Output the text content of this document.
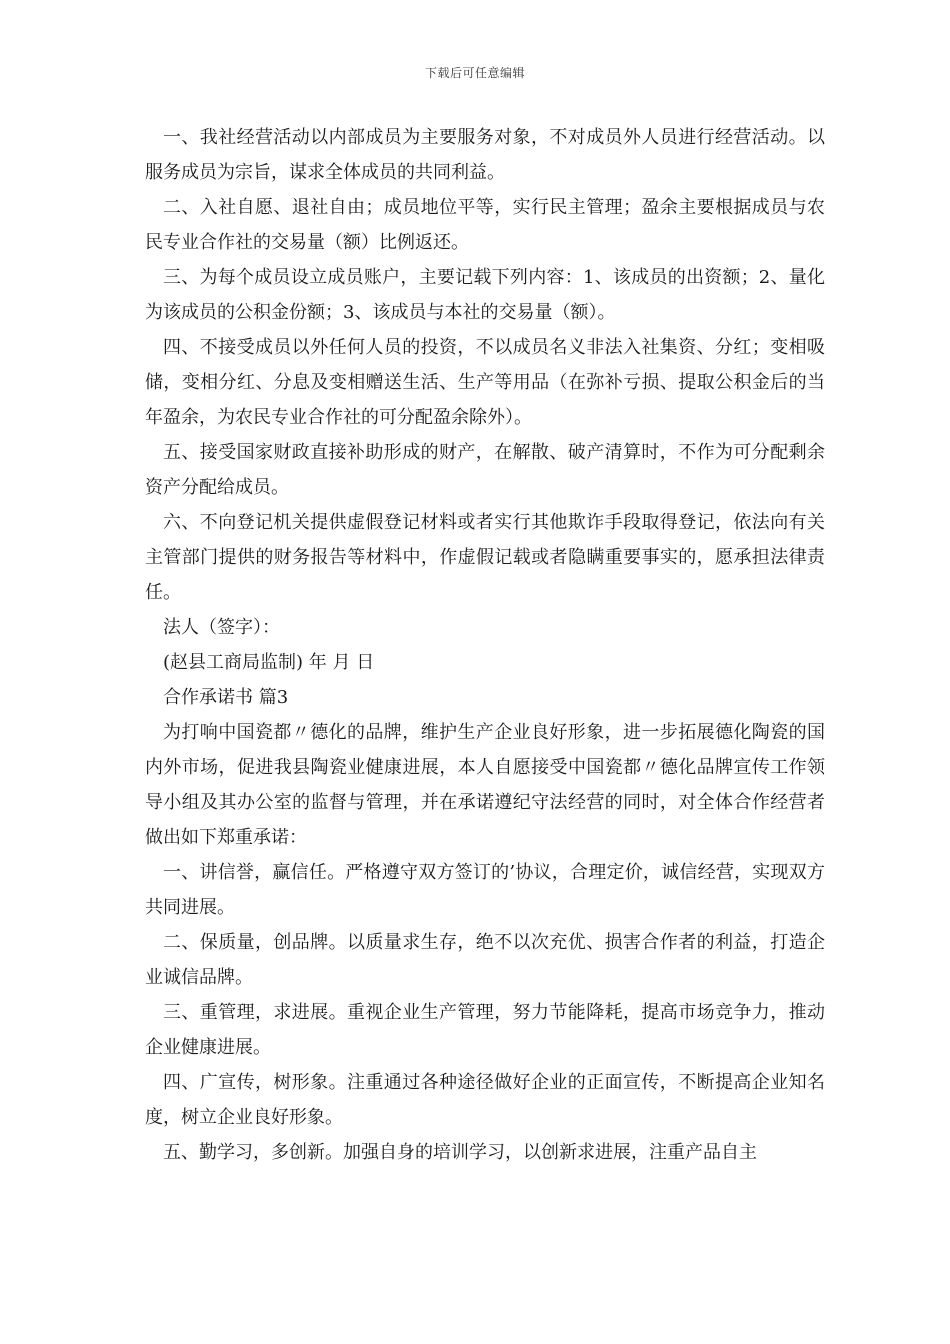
下载后可任意编辑

一、我社经营活动以内部成员为主要服务对象，不对成员外人员进行经营活动。以服务成员为宗旨，谋求全体成员的共同利益。

二、入社自愿、退社自由；成员地位平等，实行民主管理；盈余主要根据成员与农民专业合作社的交易量（额）比例返还。

三、为每个成员设立成员账户，主要记载下列内容：1、该成员的出资额；2、量化为该成员的公积金份额；3、该成员与本社的交易量（额）。

四、不接受成员以外任何人员的投资，不以成员名义非法入社集资、分红；变相吸储，变相分红、分息及变相赠送生活、生产等用品（在弥补亏损、提取公积金后的当年盈余，为农民专业合作社的可分配盈余除外）。

五、接受国家财政直接补助形成的财产，在解散、破产清算时，不作为可分配剩余资产分配给成员。

六、不向登记机关提供虚假登记材料或者实行其他欺诈手段取得登记，依法向有关主管部门提供的财务报告等材料中，作虚假记载或者隐瞒重要事实的，愿承担法律责任。

法人（签字）：

(赵县工商局监制) 年 月 日

合作承诺书 篇3

为打响中国瓷都〃德化的品牌，维护生产企业良好形象，进一步拓展德化陶瓷的国内外市场，促进我县陶瓷业健康进展，本人自愿接受中国瓷都〃德化品牌宣传工作领导小组及其办公室的监督与管理，并在承诺遵纪守法经营的同时，对全体合作经营者做出如下郑重承诺：

一、讲信誉，赢信任。严格遵守双方签订的’协议，合理定价，诚信经营，实现双方共同进展。

二、保质量，创品牌。以质量求生存，绝不以次充优、损害合作者的利益，打造企业诚信品牌。

三、重管理，求进展。重视企业生产管理，努力节能降耗，提高市场竞争力，推动企业健康进展。

四、广宣传，树形象。注重通过各种途径做好企业的正面宣传，不断提高企业知名度，树立企业良好形象。

五、勤学习，多创新。加强自身的培训学习，以创新求进展，注重产品自主
